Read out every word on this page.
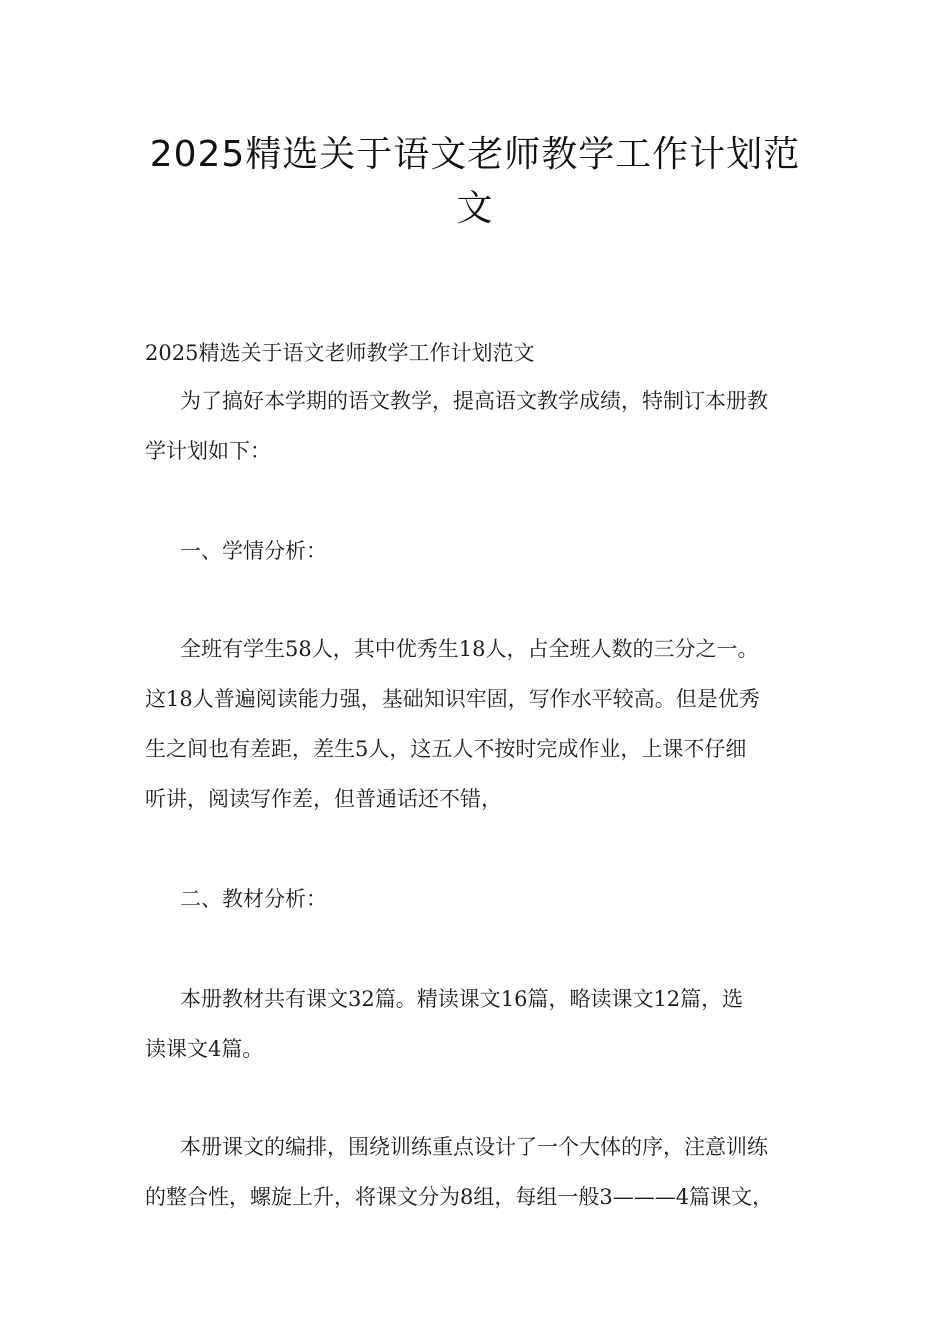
2025精选关于语文老师教学工作计划范
文

2025精选关于语文老师教学工作计划范文

为了搞好本学期的语文教学，提高语文教学成绩，特制订本册教

学计划如下：

一、学情分析：

全班有学生58人，其中优秀生18人，占全班人数的三分之一。

这18人普遍阅读能力强，基础知识牢固，写作水平较高。但是优秀

生之间也有差距，差生5人，这五人不按时完成作业，上课不仔细

听讲，阅读写作差，但普通话还不错，

二、教材分析：

本册教材共有课文32篇。精读课文16篇，略读课文12篇，选

读课文4篇。

本册课文的编排，围绕训练重点设计了一个大体的序，注意训练

的整合性，螺旋上升，将课文分为8组，每组一般3———4篇课文，
